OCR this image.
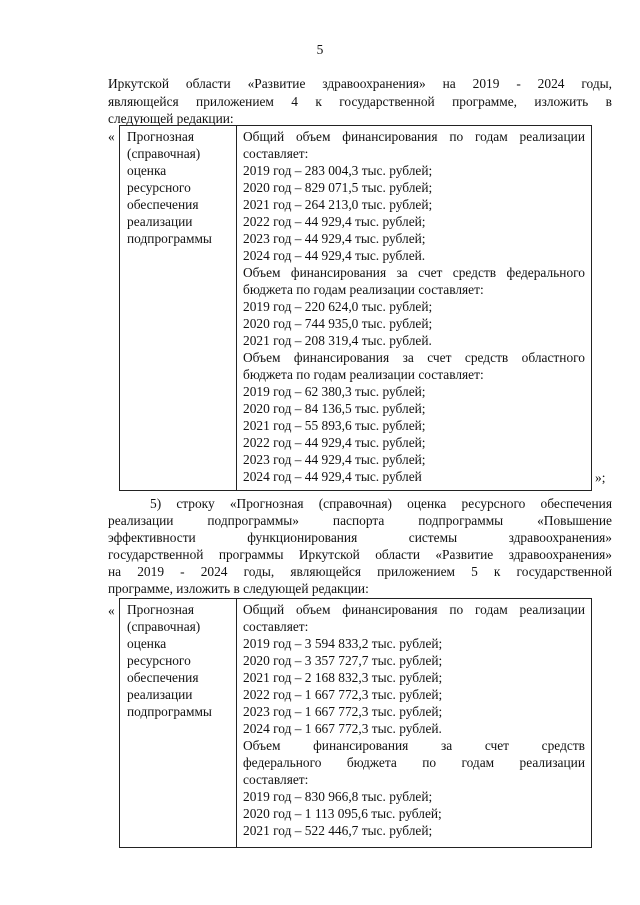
5
Иркутской области «Развитие здравоохранения» на 2019 - 2024 годы,
являющейся приложением 4 к государственной программе, изложить в
следующей редакции:
« Прогнозная
(справочная)
оценка
ресурсного
обеспечения
реализации
подпрограммы
Общий объем финансирования по годам реализации
составляет:
2019 год – 283 004,3 тыс. рублей;
2020 год – 829 071,5 тыс. рублей;
2021 год – 264 213,0 тыс. рублей;
2022 год – 44 929,4 тыс. рублей;
2023 год – 44 929,4 тыс. рублей;
2024 год – 44 929,4 тыс. рублей.
Объем финансирования за счет средств федерального
бюджета по годам реализации составляет:
2019 год – 220 624,0 тыс. рублей;
2020 год – 744 935,0 тыс. рублей;
2021 год – 208 319,4 тыс. рублей.
Объем финансирования за счет средств областного
бюджета по годам реализации составляет:
2019 год – 62 380,3 тыс. рублей;
2020 год – 84 136,5 тыс. рублей;
2021 год – 55 893,6 тыс. рублей;
2022 год – 44 929,4 тыс. рублей;
2023 год – 44 929,4 тыс. рублей;
2024 год – 44 929,4 тыс. рублей	»;
5) строку «Прогнозная (справочная) оценка ресурсного обеспечения
реализации подпрограммы» паспорта подпрограммы «Повышение
эффективности функционирования системы здравоохранения»
государственной программы Иркутской области «Развитие здравоохранения»
на 2019 - 2024 годы, являющейся приложением 5 к государственной
программе, изложить в следующей редакции:
« Прогнозная
(справочная)
оценка
ресурсного
обеспечения
реализации
подпрограммы
Общий объем финансирования по годам реализации
составляет:
2019 год – 3 594 833,2 тыс. рублей;
2020 год – 3 357 727,7 тыс. рублей;
2021 год – 2 168 832,3 тыс. рублей;
2022 год – 1 667 772,3 тыс. рублей;
2023 год – 1 667 772,3 тыс. рублей;
2024 год – 1 667 772,3 тыс. рублей.
Объем финансирования за счет средств
федерального бюджета по годам реализации
составляет:
2019 год – 830 966,8 тыс. рублей;
2020 год – 1 113 095,6 тыс. рублей;
2021 год – 522 446,7 тыс. рублей;
